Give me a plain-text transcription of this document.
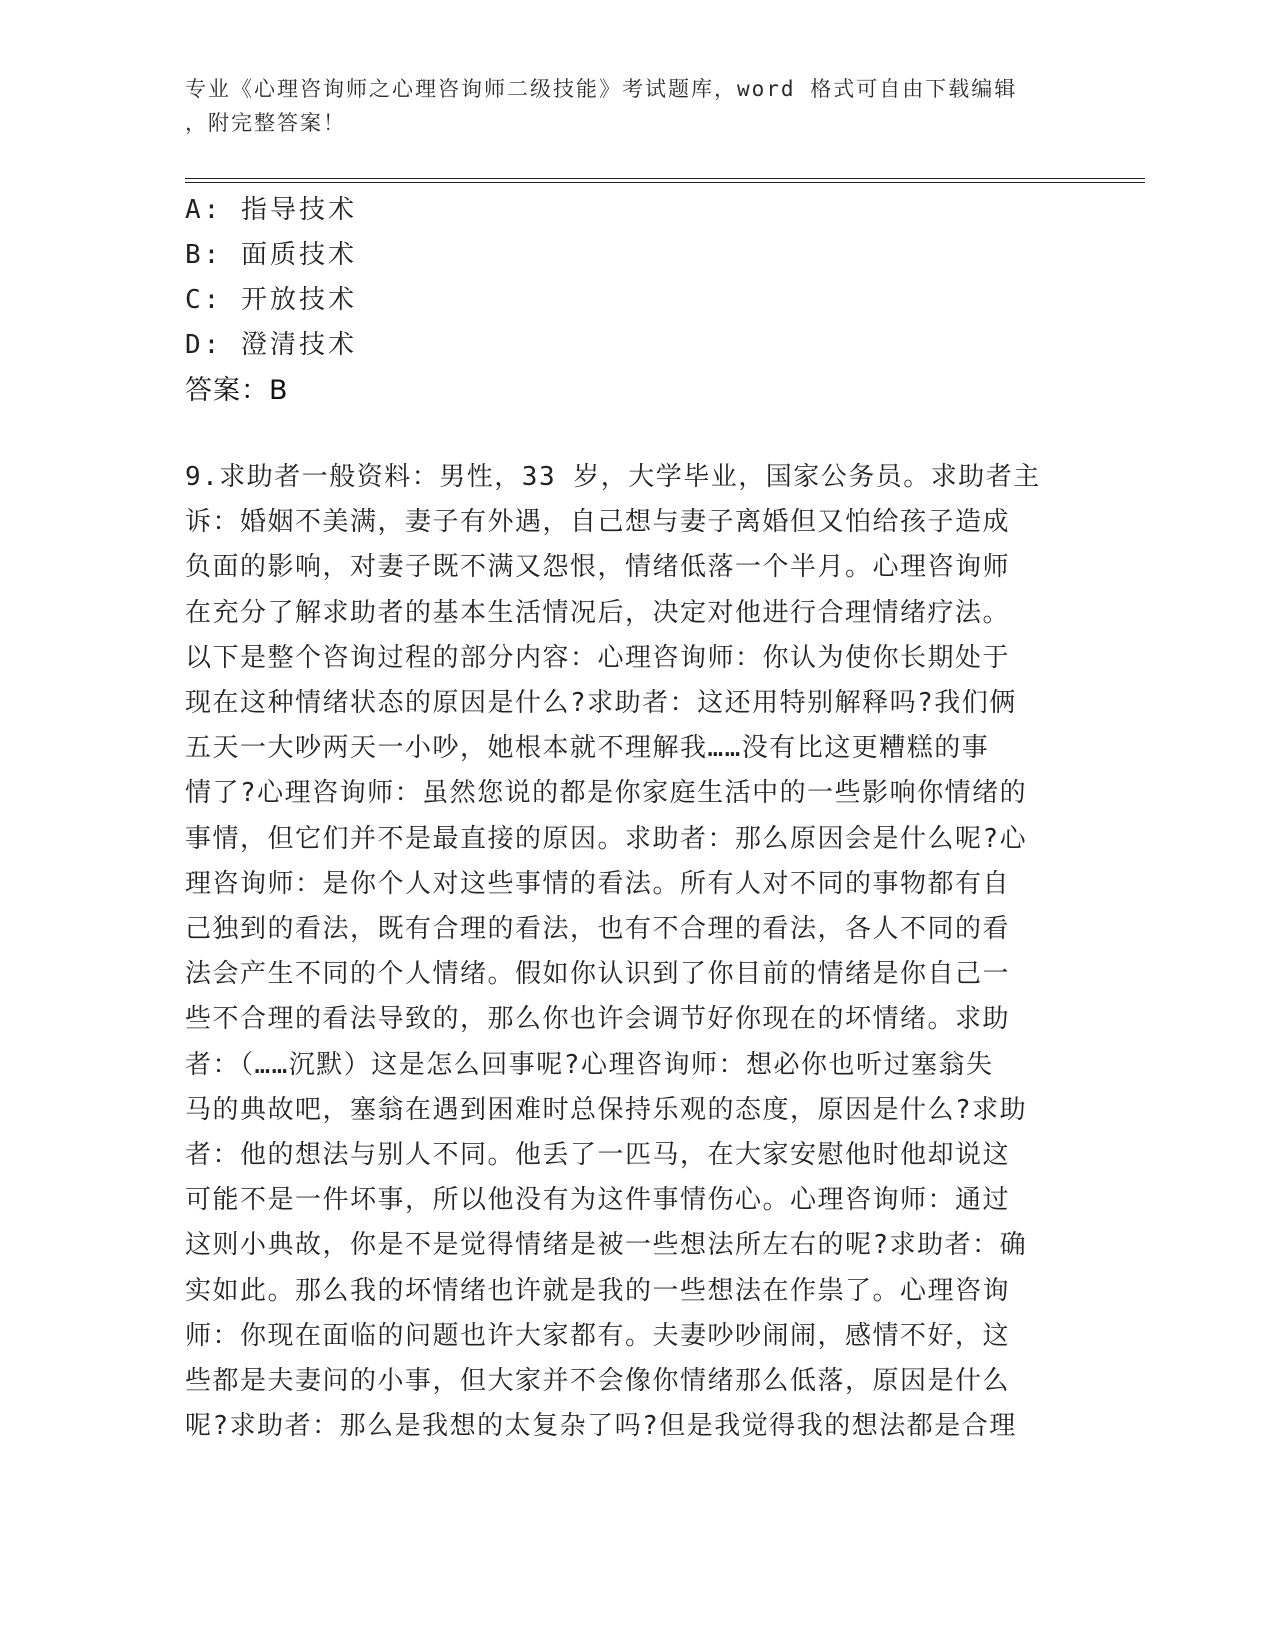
专业《心理咨询师之心理咨询师二级技能》考试题库，word 格式可自由下载编辑
，附完整答案！
A: 指导技术
B: 面质技术
C: 开放技术
D: 澄清技术
答案：B
9.求助者一般资料：男性，33 岁，大学毕业，国家公务员。求助者主
诉：婚姻不美满，妻子有外遇，自己想与妻子离婚但又怕给孩子造成
负面的影响，对妻子既不满又怨恨，情绪低落一个半月。心理咨询师
在充分了解求助者的基本生活情况后，决定对他进行合理情绪疗法。
以下是整个咨询过程的部分内容：心理咨询师：你认为使你长期处于
现在这种情绪状态的原因是什么?求助者：这还用特别解释吗?我们俩
五天一大吵两天一小吵，她根本就不理解我……没有比这更糟糕的事
情了?心理咨询师：虽然您说的都是你家庭生活中的一些影响你情绪的
事情，但它们并不是最直接的原因。求助者：那么原因会是什么呢?心
理咨询师：是你个人对这些事情的看法。所有人对不同的事物都有自
己独到的看法，既有合理的看法，也有不合理的看法，各人不同的看
法会产生不同的个人情绪。假如你认识到了你目前的情绪是你自己一
些不合理的看法导致的，那么你也许会调节好你现在的坏情绪。求助
者：（……沉默）这是怎么回事呢?心理咨询师：想必你也听过塞翁失
马的典故吧，塞翁在遇到困难时总保持乐观的态度，原因是什么?求助
者：他的想法与别人不同。他丢了一匹马，在大家安慰他时他却说这
可能不是一件坏事，所以他没有为这件事情伤心。心理咨询师：通过
这则小典故，你是不是觉得情绪是被一些想法所左右的呢?求助者：确
实如此。那么我的坏情绪也许就是我的一些想法在作祟了。心理咨询
师：你现在面临的问题也许大家都有。夫妻吵吵闹闹，感情不好，这
些都是夫妻问的小事，但大家并不会像你情绪那么低落，原因是什么
呢?求助者：那么是我想的太复杂了吗?但是我觉得我的想法都是合理
